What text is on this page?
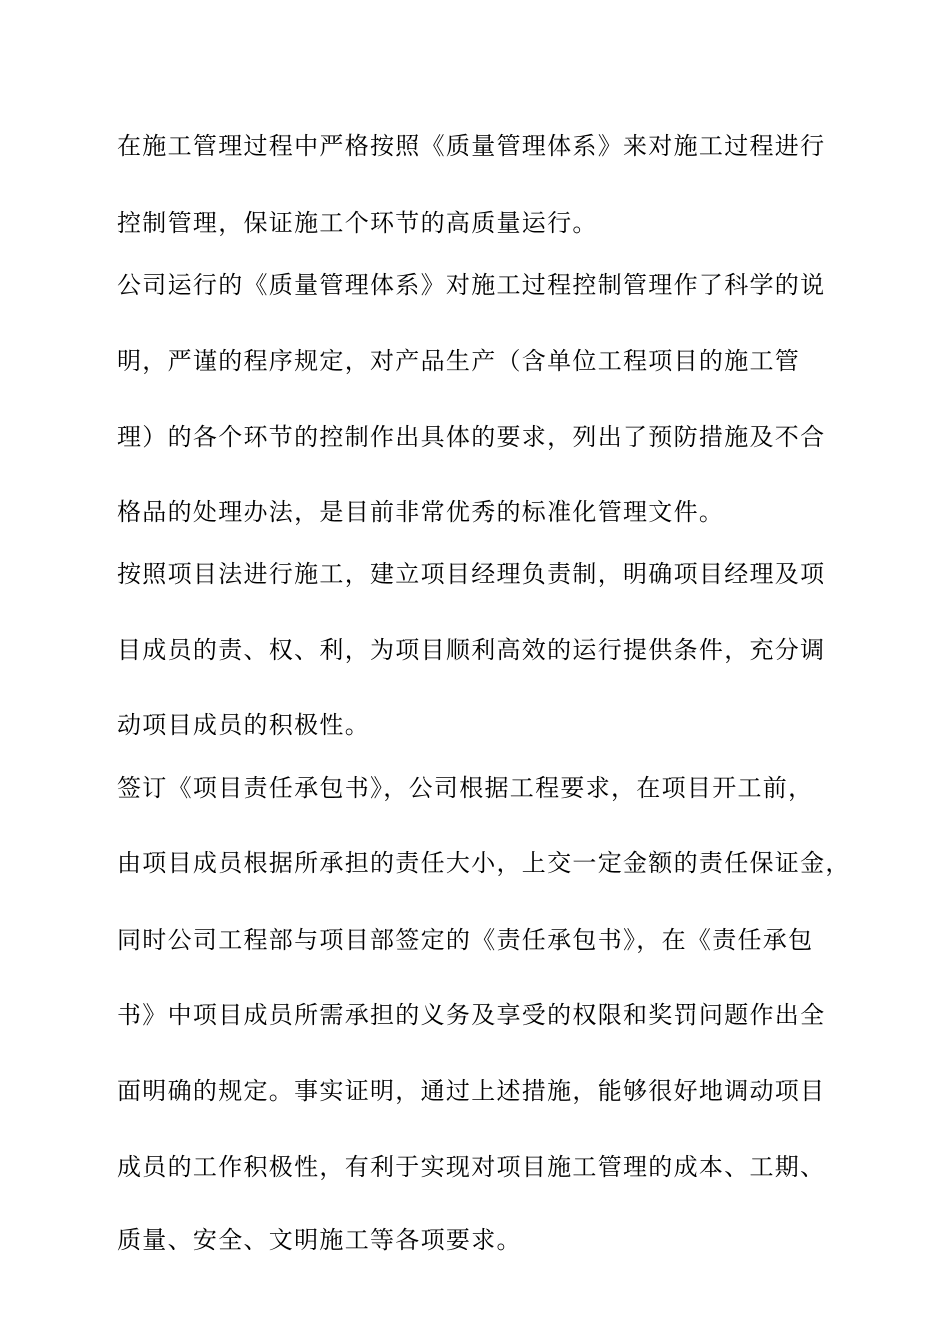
在施工管理过程中严格按照《质量管理体系》来对施工过程进行
控制管理，保证施工个环节的高质量运行。
公司运行的《质量管理体系》对施工过程控制管理作了科学的说
明，严谨的程序规定，对产品生产（含单位工程项目的施工管
理）的各个环节的控制作出具体的要求，列出了预防措施及不合
格品的处理办法，是目前非常优秀的标准化管理文件。
按照项目法进行施工，建立项目经理负责制，明确项目经理及项
目成员的责、权、利，为项目顺利高效的运行提供条件，充分调
动项目成员的积极性。
签订《项目责任承包书》，公司根据工程要求，在项目开工前，
由项目成员根据所承担的责任大小，上交一定金额的责任保证金，
同时公司工程部与项目部签定的《责任承包书》，在《责任承包
书》中项目成员所需承担的义务及享受的权限和奖罚问题作出全
面明确的规定。事实证明，通过上述措施，能够很好地调动项目
成员的工作积极性，有利于实现对项目施工管理的成本、工期、
质量、安全、文明施工等各项要求。
